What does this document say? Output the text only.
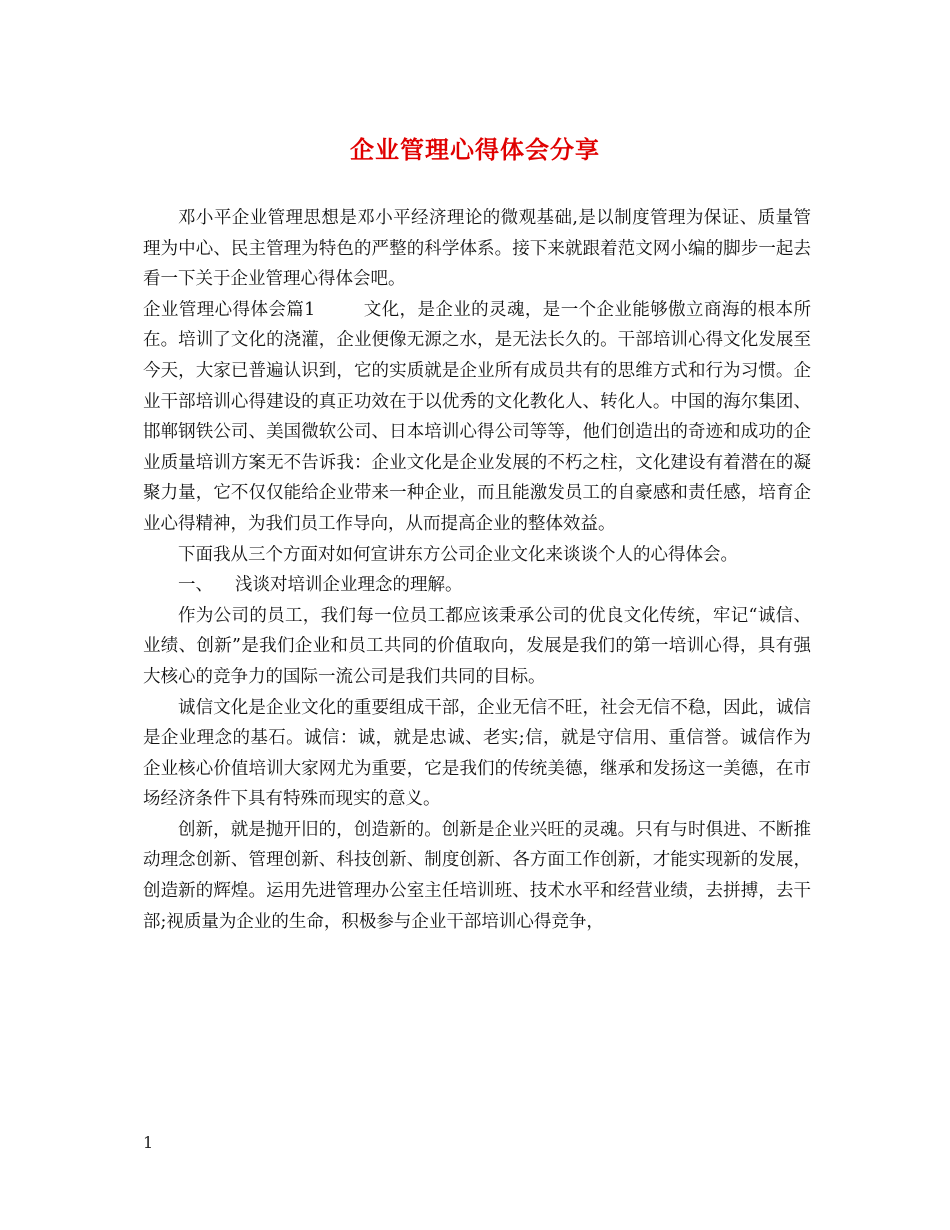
企业管理心得体会分享

邓小平企业管理思想是邓小平经济理论的微观基础,是以制度管理为保证、质量管理为中心、民主管理为特色的严整的科学体系。接下来就跟着范文网小编的脚步一起去看一下关于企业管理心得体会吧。

企业管理心得体会篇1	文化，是企业的灵魂，是一个企业能够傲立商海的根本所在。培训了文化的浇灌，企业便像无源之水，是无法长久的。干部培训心得文化发展至今天，大家已普遍认识到，它的实质就是企业所有成员共有的思维方式和行为习惯。企业干部培训心得建设的真正功效在于以优秀的文化教化人、转化人。中国的海尔集团、邯郸钢铁公司、美国微软公司、日本培训心得公司等等，他们创造出的奇迹和成功的企业质量培训方案无不告诉我：企业文化是企业发展的不朽之柱，文化建设有着潜在的凝聚力量，它不仅仅能给企业带来一种企业，而且能激发员工的自豪感和责任感，培育企业心得精神，为我们员工作导向，从而提高企业的整体效益。

下面我从三个方面对如何宣讲东方公司企业文化来谈谈个人的心得体会。

一、 浅谈对培训企业理念的理解。

作为公司的员工，我们每一位员工都应该秉承公司的优良文化传统，牢记“诚信、业绩、创新”是我们企业和员工共同的价值取向，发展是我们的第一培训心得，具有强大核心的竞争力的国际一流公司是我们共同的目标。

诚信文化是企业文化的重要组成干部，企业无信不旺，社会无信不稳，因此，诚信是企业理念的基石。诚信：诚，就是忠诚、老实;信，就是守信用、重信誉。诚信作为企业核心价值培训大家网尤为重要，它是我们的传统美德，继承和发扬这一美德，在市场经济条件下具有特殊而现实的意义。

创新，就是抛开旧的，创造新的。创新是企业兴旺的灵魂。只有与时俱进、不断推动理念创新、管理创新、科技创新、制度创新、各方面工作创新，才能实现新的发展，创造新的辉煌。运用先进管理办公室主任培训班、技术水平和经营业绩，去拼搏，去干部;视质量为企业的生命，积极参与企业干部培训心得竞争，

1
